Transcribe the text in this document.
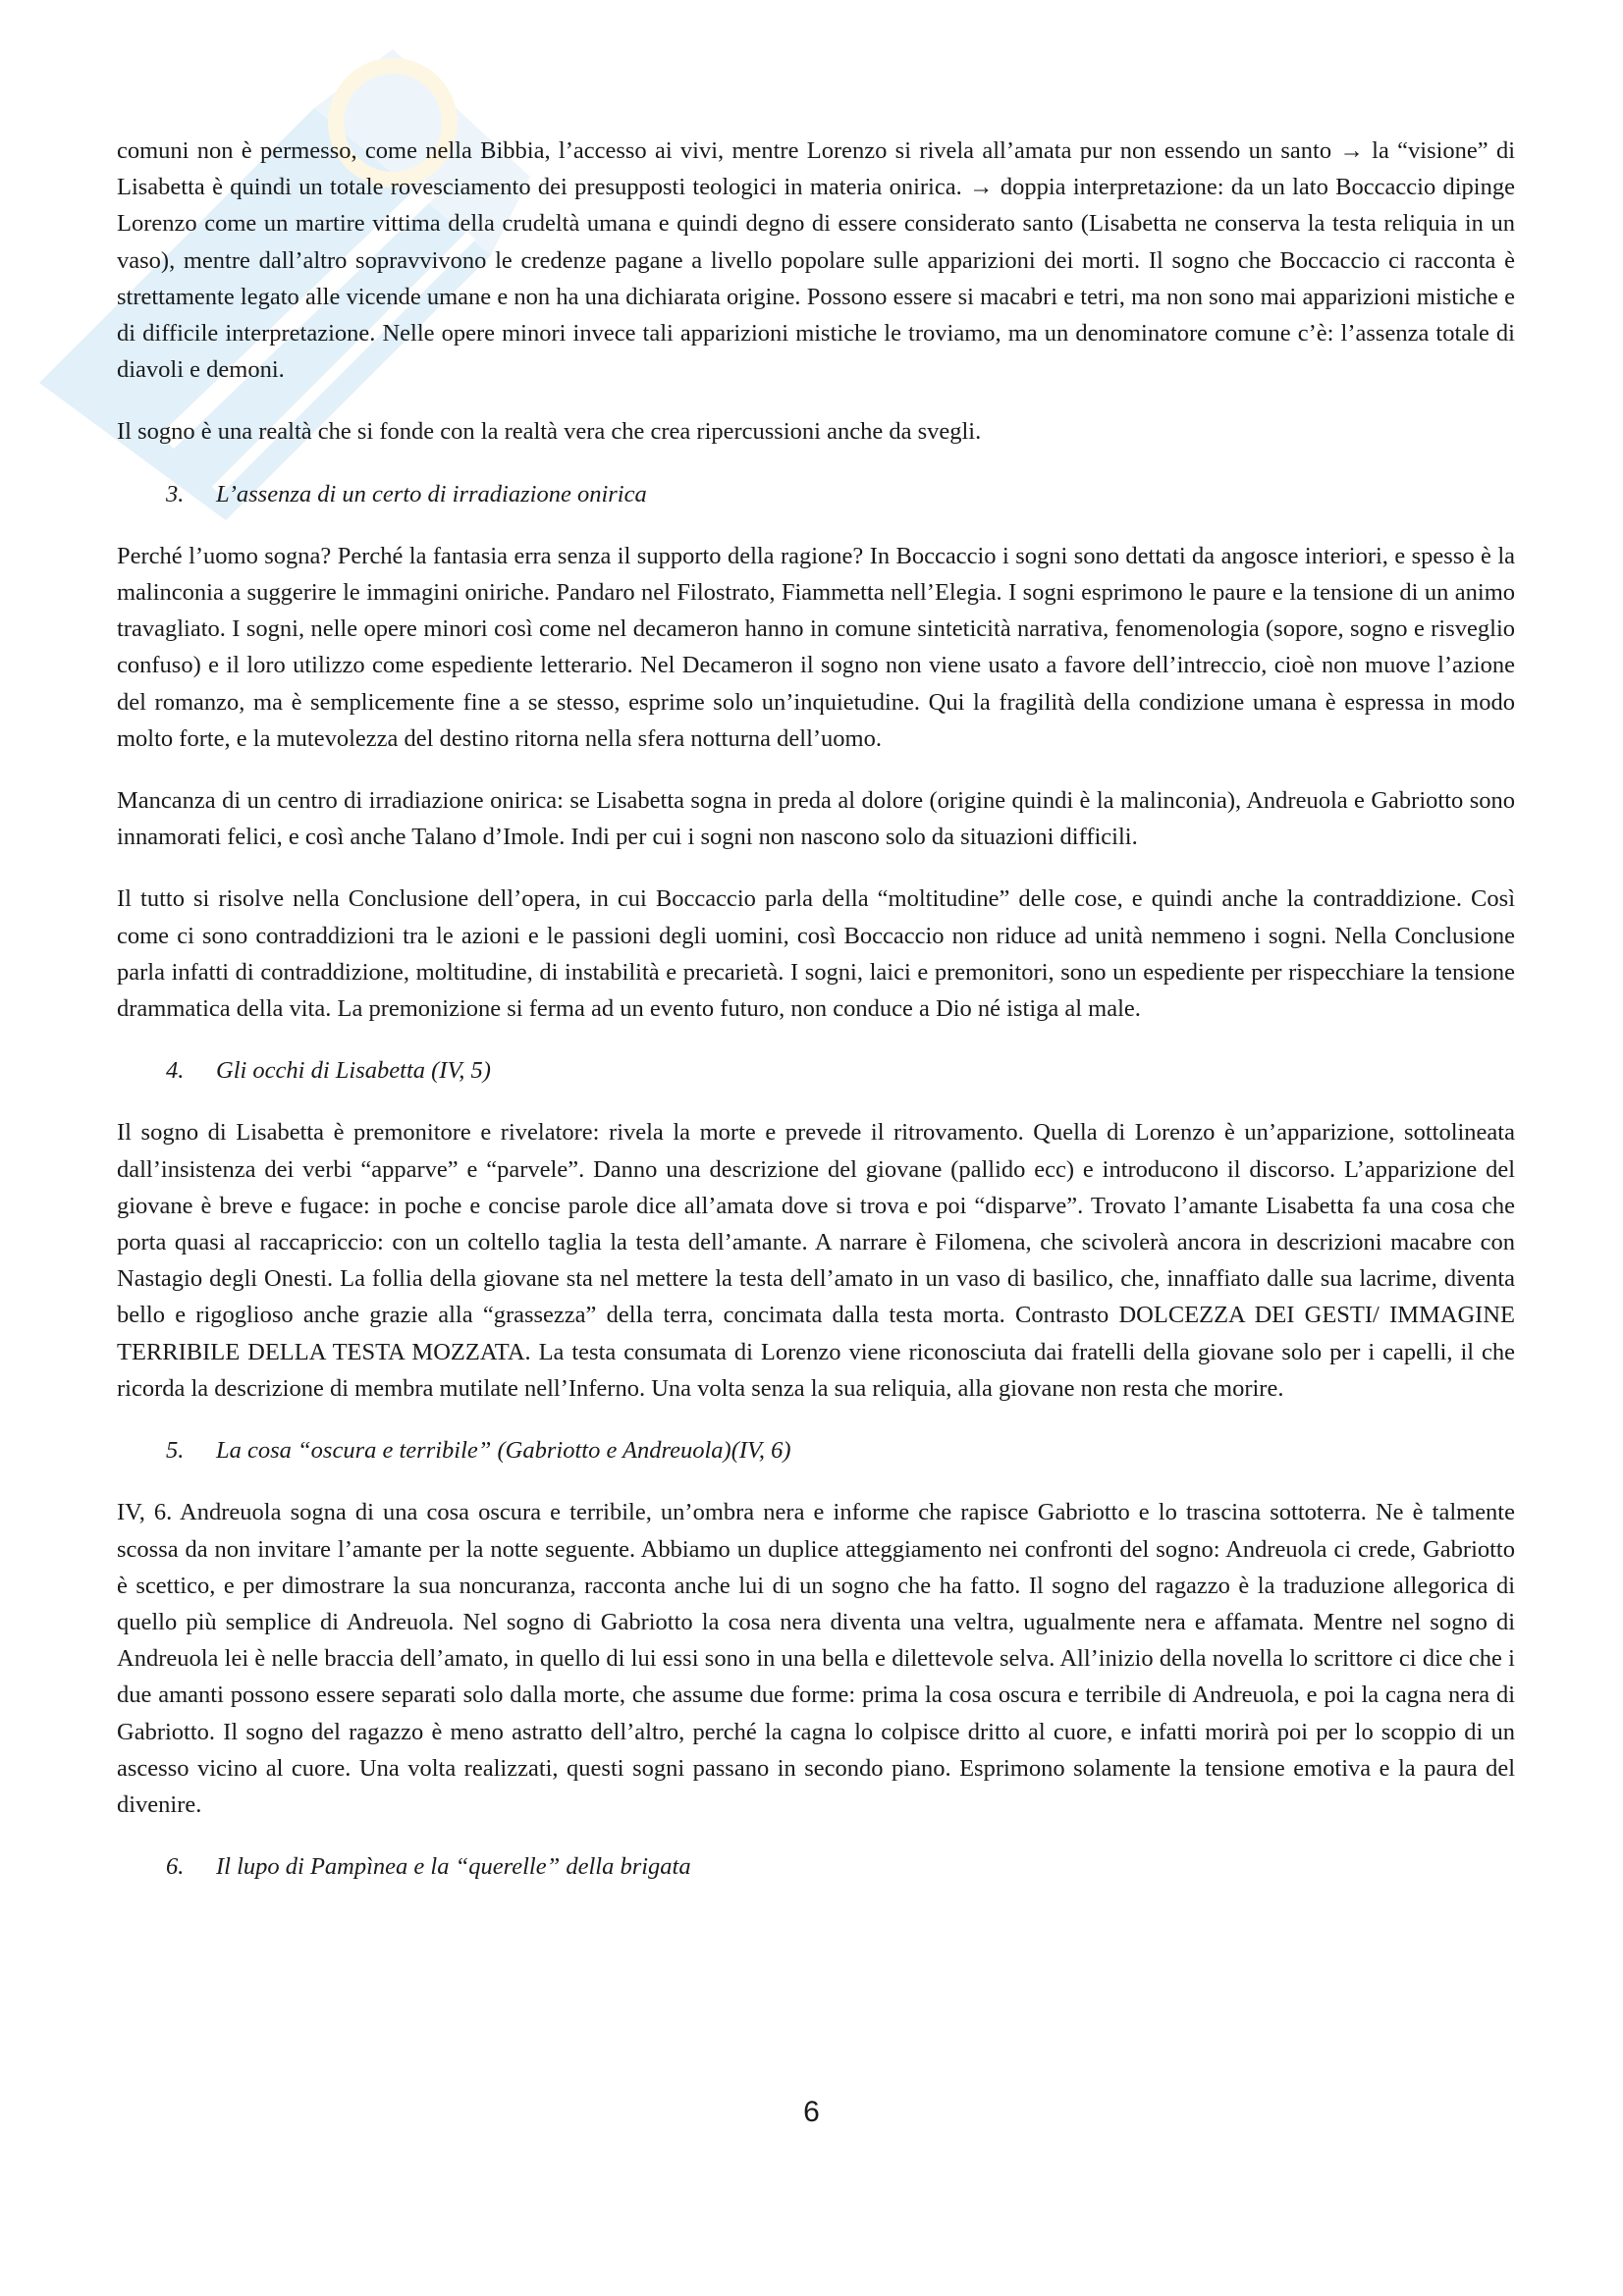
comuni non è permesso, come nella Bibbia, l’accesso ai vivi, mentre Lorenzo si rivela all’amata pur non essendo un santo → la “visione” di Lisabetta è quindi un totale rovesciamento dei presupposti teologici in materia onirica. → doppia interpretazione: da un lato Boccaccio dipinge Lorenzo come un martire vittima della crudeltà umana e quindi degno di essere considerato santo (Lisabetta ne conserva la testa reliquia in un vaso), mentre dall’altro sopravvivono le credenze pagane a livello popolare sulle apparizioni dei morti. Il sogno che Boccaccio ci racconta è strettamente legato alle vicende umane e non ha una dichiarata origine. Possono essere si macabri e tetri, ma non sono mai apparizioni mistiche e di difficile interpretazione. Nelle opere minori invece tali apparizioni mistiche le troviamo, ma un denominatore comune c’è: l’assenza totale di diavoli e demoni.

Il sogno è una realtà che si fonde con la realtà vera che crea ripercussioni anche da svegli.

3. L’assenza di un certo di irradiazione onirica

Perché l’uomo sogna? Perché la fantasia erra senza il supporto della ragione? In Boccaccio i sogni sono dettati da angosce interiori, e spesso è la malinconia a suggerire le immagini oniriche. Pandaro nel Filostrato, Fiammetta nell’Elegia. I sogni esprimono le paure e la tensione di un animo travagliato. I sogni, nelle opere minori così come nel decameron hanno in comune sinteticità narrativa, fenomenologia (sopore, sogno e risveglio confuso) e il loro utilizzo come espediente letterario. Nel Decameron il sogno non viene usato a favore dell’intreccio, cioè non muove l’azione del romanzo, ma è semplicemente fine a se stesso, esprime solo un’inquietudine. Qui la fragilità della condizione umana è espressa in modo molto forte, e la mutevolezza del destino ritorna nella sfera notturna dell’uomo.

Mancanza di un centro di irradiazione onirica: se Lisabetta sogna in preda al dolore (origine quindi è la malinconia), Andreuola e Gabriotto sono innamorati felici, e così anche Talano d’Imole. Indi per cui i sogni non nascono solo da situazioni difficili.

Il tutto si risolve nella Conclusione dell’opera, in cui Boccaccio parla della “moltitudine” delle cose, e quindi anche la contraddizione. Così come ci sono contraddizioni tra le azioni e le passioni degli uomini, così Boccaccio non riduce ad unità nemmeno i sogni. Nella Conclusione parla infatti di contraddizione, moltitudine, di instabilità e precarietà. I sogni, laici e premonitori, sono un espediente per rispecchiare la tensione drammatica della vita. La premonizione si ferma ad un evento futuro, non conduce a Dio né istiga al male.

4. Gli occhi di Lisabetta (IV, 5)

Il sogno di Lisabetta è premonitore e rivelatore: rivela la morte e prevede il ritrovamento. Quella di Lorenzo è un’apparizione, sottolineata dall’insistenza dei verbi “apparve” e “parvele”. Danno una descrizione del giovane (pallido ecc) e introducono il discorso. L’apparizione del giovane è breve e fugace: in poche e concise parole dice all’amata dove si trova e poi “disparve”. Trovato l’amante Lisabetta fa una cosa che porta quasi al raccapriccio: con un coltello taglia la testa dell’amante. A narrare è Filomena, che scivolerà ancora in descrizioni macabre con Nastagio degli Onesti. La follia della giovane sta nel mettere la testa dell’amato in un vaso di basilico, che, innaffiato dalle sua lacrime, diventa bello e rigoglioso anche grazie alla “grassezza” della terra, concimata dalla testa morta. Contrasto DOLCEZZA DEI GESTI/ IMMAGINE TERRIBILE DELLA TESTA MOZZATA. La testa consumata di Lorenzo viene riconosciuta dai fratelli della giovane solo per i capelli, il che ricorda la descrizione di membra mutilate nell’Inferno. Una volta senza la sua reliquia, alla giovane non resta che morire.

5. La cosa “oscura e terribile” (Gabriotto e Andreuola)(IV, 6)

IV, 6. Andreuola sogna di una cosa oscura e terribile, un’ombra nera e informe che rapisce Gabriotto e lo trascina sottoterra. Ne è talmente scossa da non invitare l’amante per la notte seguente. Abbiamo un duplice atteggiamento nei confronti del sogno: Andreuola ci crede, Gabriotto è scettico, e per dimostrare la sua noncuranza, racconta anche lui di un sogno che ha fatto. Il sogno del ragazzo è la traduzione allegorica di quello più semplice di Andreuola. Nel sogno di Gabriotto la cosa nera diventa una veltra, ugualmente nera e affamata. Mentre nel sogno di Andreuola lei è nelle braccia dell’amato, in quello di lui essi sono in una bella e dilettevole selva. All’inizio della novella lo scrittore ci dice che i due amanti possono essere separati solo dalla morte, che assume due forme: prima la cosa oscura e terribile di Andreuola, e poi la cagna nera di Gabriotto. Il sogno del ragazzo è meno astratto dell’altro, perché la cagna lo colpisce dritto al cuore, e infatti morirà poi per lo scoppio di un ascesso vicino al cuore. Una volta realizzati, questi sogni passano in secondo piano. Esprimono solamente la tensione emotiva e la paura del divenire.

6. Il lupo di Pampìnea e la “querelle” della brigata

6
